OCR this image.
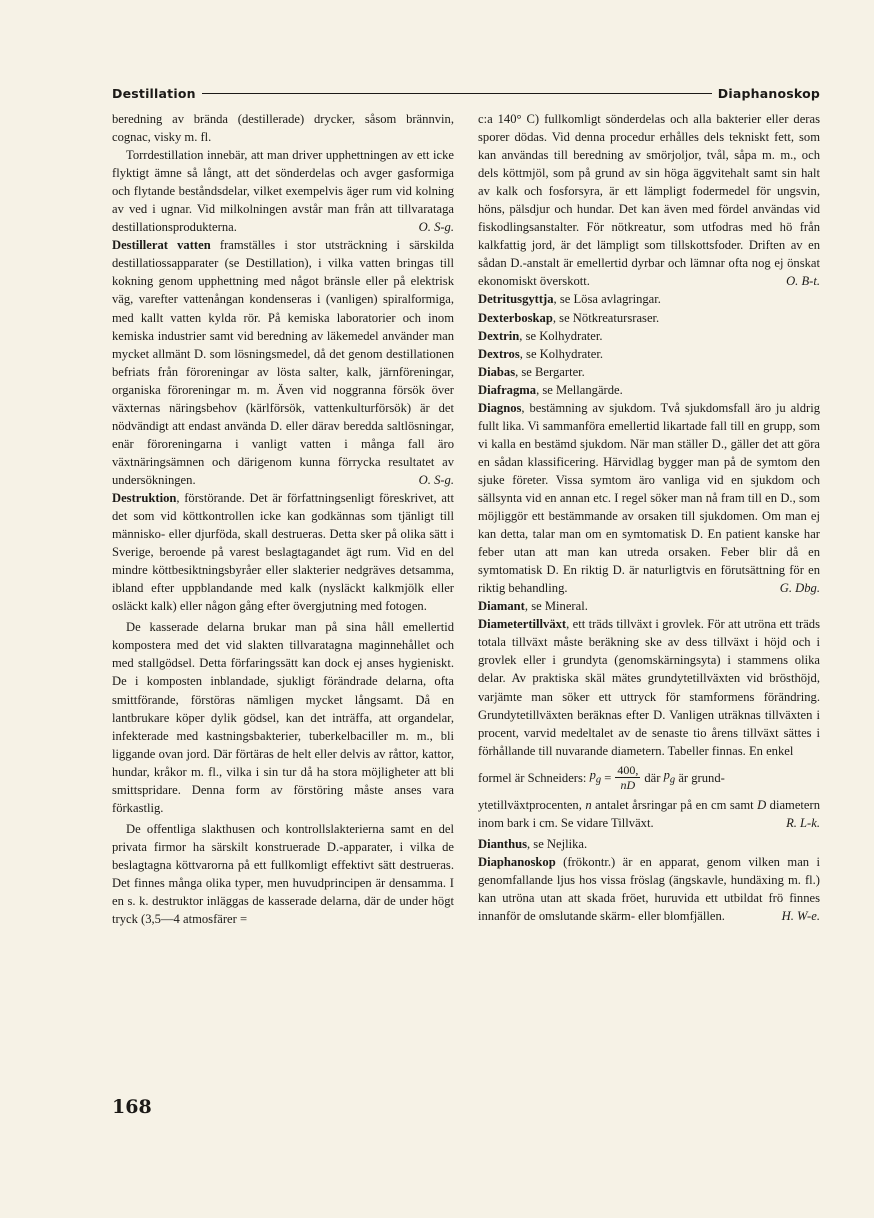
Destillation	Diaphanoskop

beredning av brända (destillerade) drycker, såsom brännvin, cognac, visky m. fl.

Torrdestillation innebär, att man driver upphettningen av ett icke flyktigt ämne så långt, att det sönderdelas och avger gasformiga och flytande beståndsdelar, vilket exempelvis äger rum vid kolning av ved i ugnar. Vid milkolningen avstår man från att tillvaratagа destillationsprodukterna.	O. S-g.

Destillerat vatten framställes i stor utsträckning i särskilda destillatiossapparater (se Destillation), i vilka vatten bringas till kokning genom upphettning med något bränsle eller på elektrisk väg, varefter vattenångan kondenseras i (vanligen) spiralformiga, med kallt vatten kylda rör. På kemiska laboratorier och inom kemiska industrier samt vid beredning av läkemedel använder man mycket allmänt D. som lösningsmedel, då det genom destillationen befriats från föroreningar av lösta salter, kalk, järnföreningar, organiska föroreningar m. m. Även vid noggranna försök över växternas näringsbehov (kärlförsök, vattenkulturförsök) är det nödvändigt att endast använda D. eller därav beredda saltlösningar, enär föroreningarna i vanligt vatten i många fall äro växtnäringsämnen och därigenom kunna förrycka resultatet av undersökningen.	O. S-g.

Destruktion, förstörande. Det är författningsenligt föreskrivet, att det som vid köttkontrollen icke kan godkännas som tjänligt till människo- eller djurföda, skall destrueras. Detta sker på olika sätt i Sverige, beroende på varest beslagtagandet ägt rum. Vid en del mindre köttbesiktningsbyråer eller slakterier nedgräves detsamma, ibland efter uppblandande med kalk (nysläckt kalkmjölk eller osläckt kalk) eller någon gång efter övergjutning med fotogen.

De kasserade delarna brukar man på sina håll emellertid kompostera med det vid slakten tillvaratagna maginnehållet och med stallgödsel. Detta förfaringssätt kan dock ej anses hygieniskt. De i komposten inblandade, sjukligt förändrade delarna, ofta smittförande, förstöras nämligen mycket långsamt. Då en lantbrukare köper dylik gödsel, kan det inträffa, att organdelar, infekterade med kastningsbakterier, tuberkelbaciller m. m., bli liggande ovan jord. Där förtäras de helt eller delvis av råttor, kattor, hundar, kråkor m. fl., vilka i sin tur då ha stora möjligheter att bli smittspridare. Denna form av förstöring måste anses vara förkastlig.

De offentliga slakthusen och kontrollslakterierna samt en del privata firmor ha särskilt konstruerade D.-apparater, i vilka de beslagtagna köttvarorna på ett fullkomligt effektivt sätt destrueras. Det finnes många olika typer, men huvudprincipen är densamma. I en s. k. destruktor inläggas de kasserade delarna, där de under högt tryck (3,5—4 atmosfärer =

c:a 140° C) fullkomligt sönderdelas och alla bakterier eller deras sporer dödas. Vid denna procedur erhålles dels tekniskt fett, som kan användas till beredning av smörjoljor, tvål, såpa m. m., och dels köttmjöl, som på grund av sin höga äggvitehalt samt sin halt av kalk och fosforsyra, är ett lämpligt fodermedel för ungsvin, höns, pälsdjur och hundar. Det kan även med fördel användas vid fiskodlingsanstalter. För nötkreatur, som utfodras med hö från kalkfattig jord, är det lämpligt som tillskottsfoder. Driften av en sådan D.-anstalt är emellertid dyrbar och lämnar ofta nog ej önskat ekonomiskt överskott.	O. B-t.

Detritusgyttja, se Lösa avlagringar.

Dexterboskap, se Nötkreatursraser.

Dextrin, se Kolhydrater.

Dextros, se Kolhydrater.

Diabas, se Bergarter.

Diafragma, se Mellangärde.

Diagnos, bestämning av sjukdom. Två sjukdomsfall äro ju aldrig fullt lika. Vi sammanföra emellertid likartade fall till en grupp, som vi kalla en bestämd sjukdom. När man ställer D., gäller det att göra en sådan klassificering. Härvidlag bygger man på de symtom den sjuke företer. Vissa symtom äro vanliga vid en sjukdom och sällsynta vid en annan etc. I regel söker man nå fram till en D., som möjliggör ett bestämmande av orsaken till sjukdomen. Om man ej kan detta, talar man om en symtomatisk D. En patient kanske har feber utan att man kan utreda orsaken. Feber blir då en symtomatisk D. En riktig D. är naturligtvis en förutsättning för en riktig behandling.	G. Dbg.

Diamant, se Mineral.

Diametertillväxt, ett träds tillväxt i grovlek. För att utröna ett träds totala tillväxt måste beräkning ske av dess tillväxt i höjd och i grovlek eller i grundyta (genomskärningsyta) i stammens olika delar. Av praktiska skäl mätes grundytetillväxten vid brösthöjd, varjämte man söker ett uttryck för stamformens förändring. Grundytetillväxten beräknas efter D. Vanligen uträknas tillväxten i procent, varvid medeltalet av de senaste tio årens tillväxt sättes i förhållande till nuvarande diametern. Tabeller finnas. En enkel

formel är Schneiders:
$p_g$
= $\frac{400,}{nD}$ där
$p_g$
är grund-

ytetillväxtprocenten, n antalet årsringar på en cm samt D diametern inom bark i cm. Se vidare Tillväxt.	R. L-k.

Dianthus, se Nejlika.

Diaphanoskop (frökontr.) är en apparat, genom vilken man i genomfallande ljus hos vissa fröslag (ängskavle, hundäxing m. fl.) kan utröna utan att skada fröet, huruvida ett utbildat frö finnes innanför de omslutande skärm- eller blomfjällen.	H. W-e.

168
